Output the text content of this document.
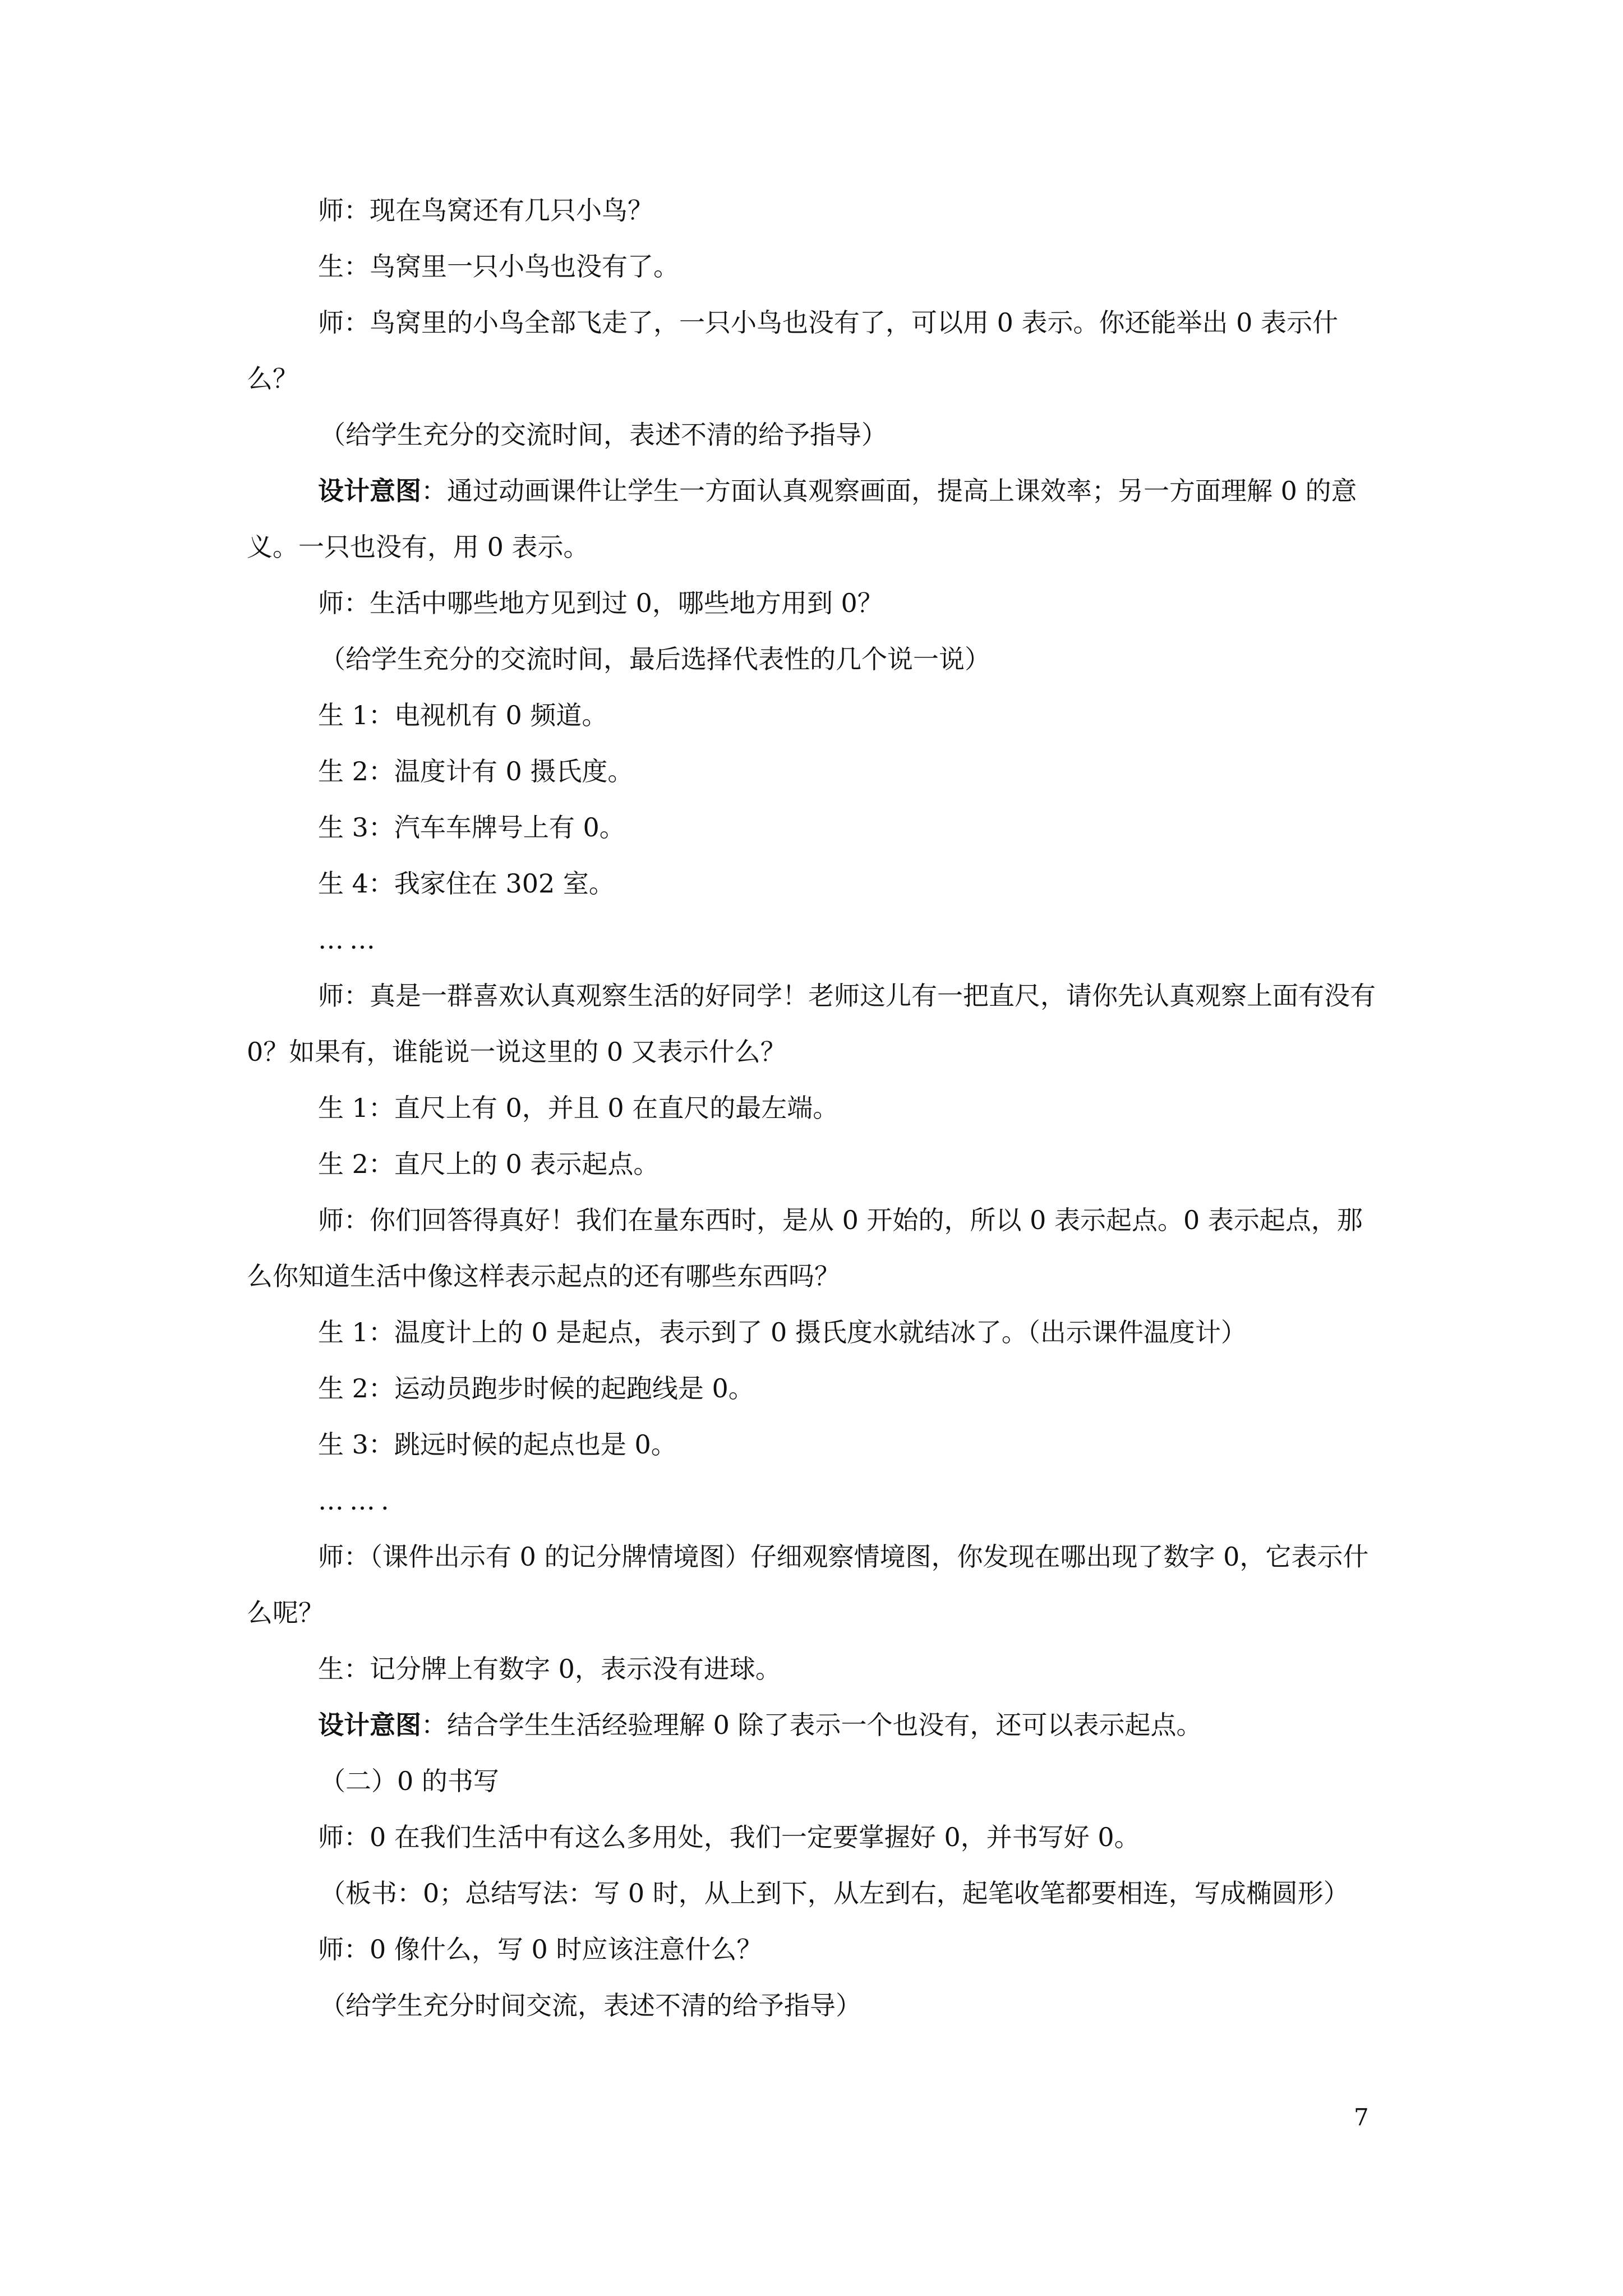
师：现在鸟窝还有几只小鸟？

生：鸟窝里一只小鸟也没有了。

师：鸟窝里的小鸟全部飞走了，一只小鸟也没有了，可以用 0 表示。你还能举出 0 表示什么？

（给学生充分的交流时间，表述不清的给予指导）

设计意图：通过动画课件让学生一方面认真观察画面，提高上课效率；另一方面理解 0 的意义。一只也没有，用 0 表示。

师：生活中哪些地方见到过 0，哪些地方用到 0？

（给学生充分的交流时间，最后选择代表性的几个说一说）

生 1：电视机有 0 频道。

生 2：温度计有 0 摄氏度。

生 3：汽车车牌号上有 0。

生 4：我家住在 302 室。

……

师：真是一群喜欢认真观察生活的好同学！老师这儿有一把直尺，请你先认真观察上面有没有 0？如果有，谁能说一说这里的 0 又表示什么？

生 1：直尺上有 0，并且 0 在直尺的最左端。

生 2：直尺上的 0 表示起点。

师：你们回答得真好！我们在量东西时，是从 0 开始的，所以 0 表示起点。0 表示起点，那么你知道生活中像这样表示起点的还有哪些东西吗？

生 1：温度计上的 0 是起点，表示到了 0 摄氏度水就结冰了。（出示课件温度计）

生 2：运动员跑步时候的起跑线是 0。

生 3：跳远时候的起点也是 0。

…….

师：（课件出示有 0 的记分牌情境图）仔细观察情境图，你发现在哪出现了数字 0，它表示什么呢？

生：记分牌上有数字 0，表示没有进球。

设计意图：结合学生生活经验理解 0 除了表示一个也没有，还可以表示起点。

（二）0 的书写

师：0 在我们生活中有这么多用处，我们一定要掌握好 0，并书写好 0。

（板书：0；总结写法：写 0 时，从上到下，从左到右，起笔收笔都要相连，写成椭圆形）

师：0 像什么，写 0 时应该注意什么？

（给学生充分时间交流，表述不清的给予指导）

7
